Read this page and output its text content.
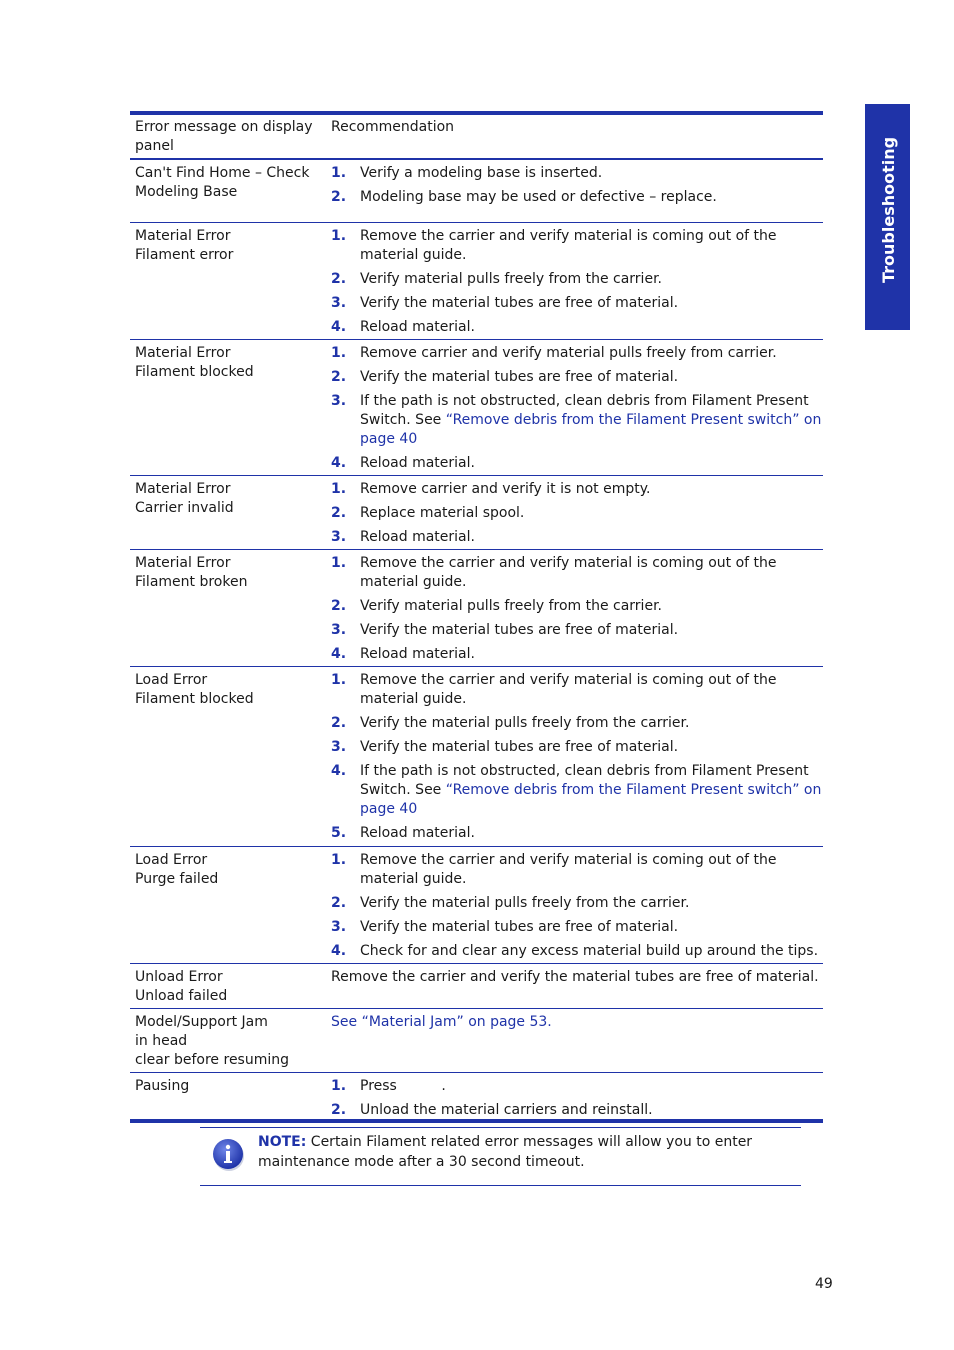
Troubleshooting
Error message on display panel
Recommendation
Can't Find Home – Check
Modeling Base
1. Verify a modeling base is inserted.
2. Modeling base may be used or defective – replace.
Material Error
Filament error
1. Remove the carrier and verify material is coming out of the material guide.
2. Verify material pulls freely from the carrier.
3. Verify the material tubes are free of material.
4. Reload material.
Material Error
Filament blocked
1. Remove carrier and verify material pulls freely from carrier.
2. Verify the material tubes are free of material.
3. If the path is not obstructed, clean debris from Filament Present Switch. See “Remove debris from the Filament Present switch” on page 40
4. Reload material.
Material Error
Carrier invalid
1. Remove carrier and verify it is not empty.
2. Replace material spool.
3. Reload material.
Material Error
Filament broken
1. Remove the carrier and verify material is coming out of the material guide.
2. Verify material pulls freely from the carrier.
3. Verify the material tubes are free of material.
4. Reload material.
Load Error
Filament blocked
1. Remove the carrier and verify material is coming out of the material guide.
2. Verify the material pulls freely from the carrier.
3. Verify the material tubes are free of material.
4. If the path is not obstructed, clean debris from Filament Present Switch. See “Remove debris from the Filament Present switch” on page 40
5. Reload material.
Load Error
Purge failed
1. Remove the carrier and verify material is coming out of the material guide.
2. Verify the material pulls freely from the carrier.
3. Verify the material tubes are free of material.
4. Check for and clear any excess material build up around the tips.
Unload Error
Unload failed
Remove the carrier and verify the material tubes are free of material.
Model/Support Jam
in head
clear before resuming
See “Material Jam” on page 53.
Pausing	1. Press          .
2. Unload the material carriers and reinstall.
NOTE: Certain Filament related error messages will allow you to enter maintenance mode after a 30 second timeout.
49
